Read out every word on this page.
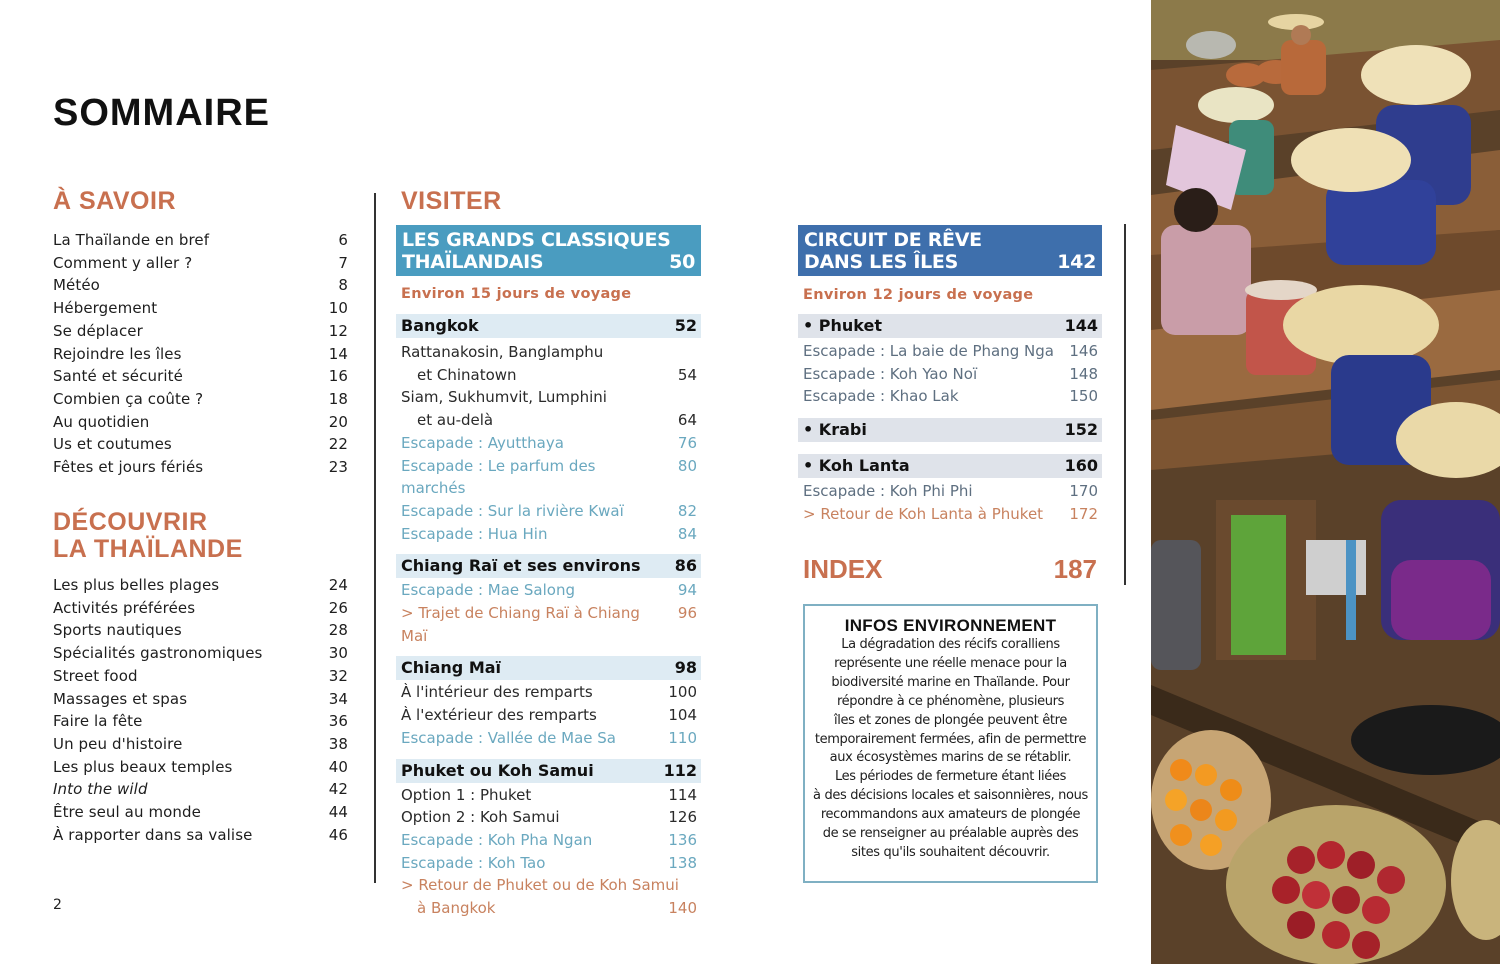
SOMMAIRE
À SAVOIR
La Thaïlande en bref	6
Comment y aller ?	7
Météo	8
Hébergement	10
Se déplacer	12
Rejoindre les îles	14
Santé et sécurité	16
Combien ça coûte ?	18
Au quotidien	20
Us et coutumes	22
Fêtes et jours fériés	23
DÉCOUVRIR
LA THAÏLANDE
Les plus belles plages	24
Activités préférées	26
Sports nautiques	28
Spécialités gastronomiques	30
Street food	32
Massages et spas	34
Faire la fête	36
Un peu d'histoire	38
Les plus beaux temples	40
Into the wild	42
Être seul au monde	44
À rapporter dans sa valise	46
VISITER
LES GRANDS CLASSIQUES
THAÏLANDAIS	50
Environ 15 jours de voyage
Bangkok	52
Rattanakosin, Banglamphu
et Chinatown	54
Siam, Sukhumvit, Lumphini
et au-delà	64
Escapade : Ayutthaya	76
Escapade : Le parfum des marchés
80
Escapade : Sur la rivière Kwaï	82
Escapade : Hua Hin	84
Chiang Raï et ses environs 86
Escapade : Mae Salong	94
> Trajet de Chiang Raï à Chiang Maï
96
Chiang Maï	98
À l'intérieur des remparts	100
À l'extérieur des remparts	104
Escapade : Vallée de Mae Sa	110
Phuket ou Koh Samui	112
Option 1 : Phuket	114
Option 2 : Koh Samui	126
Escapade : Koh Pha Ngan	136
Escapade : Koh Tao	138
> Retour de Phuket ou de Koh Samui
à Bangkok	140
CIRCUIT DE RÊVE
DANS LES ÎLES	142
Environ 12 jours de voyage
• Phuket	144
Escapade : La baie de Phang Nga	146
Escapade : Koh Yao Noï	148
Escapade : Khao Lak	150
• Krabi	152
• Koh Lanta	160
Escapade : Koh Phi Phi	170
> Retour de Koh Lanta à Phuket	172
INDEX	187
INFOS ENVIRONNEMENT
La dégradation des récifs coralliens
représente une réelle menace pour la
biodiversité marine en Thaïlande. Pour
répondre à ce phénomène, plusieurs
îles et zones de plongée peuvent être
temporairement fermées, afin de permettre
aux écosystèmes marins de se rétablir.
Les périodes de fermeture étant liées
à des décisions locales et saisonnières, nous
recommandons aux amateurs de plongée
de se renseigner au préalable auprès des
sites qu'ils souhaitent découvrir.
2
